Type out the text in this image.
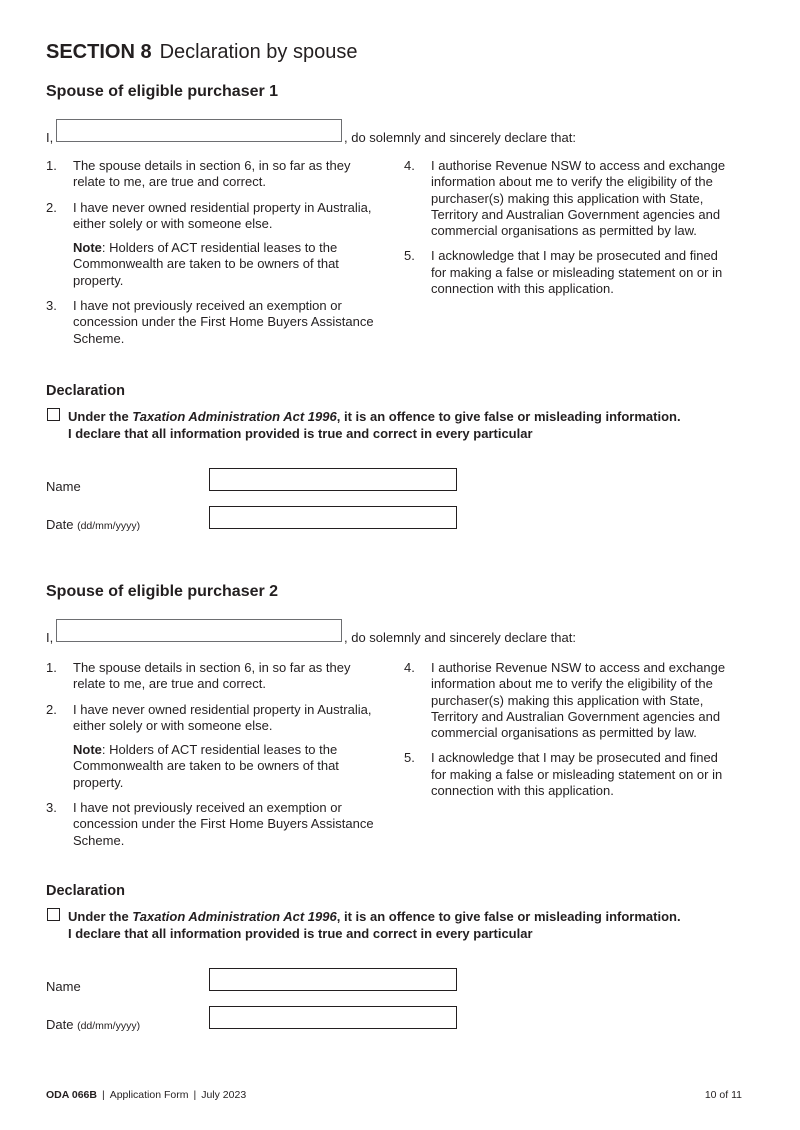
SECTION 8 Declaration by spouse
Spouse of eligible purchaser 1
I,	, do solemnly and sincerely declare that:
1. The spouse details in section 6, in so far as they relate to me, are true and correct.
2. I have never owned residential property in Australia, either solely or with someone else.
Note: Holders of ACT residential leases to the Commonwealth are taken to be owners of that property.
3. I have not previously received an exemption or concession under the First Home Buyers Assistance Scheme.
4. I authorise Revenue NSW to access and exchange information about me to verify the eligibility of the purchaser(s) making this application with State, Territory and Australian Government agencies and commercial organisations as permitted by law.
5. I acknowledge that I may be prosecuted and fined for making a false or misleading statement on or in connection with this application.
Declaration
Under the Taxation Administration Act 1996, it is an offence to give false or misleading information.
I declare that all information provided is true and correct in every particular
Name
Date (dd/mm/yyyy)
Spouse of eligible purchaser 2
I,	, do solemnly and sincerely declare that:
1. The spouse details in section 6, in so far as they relate to me, are true and correct.
2. I have never owned residential property in Australia, either solely or with someone else.
Note: Holders of ACT residential leases to the Commonwealth are taken to be owners of that property.
3. I have not previously received an exemption or concession under the First Home Buyers Assistance Scheme.
4. I authorise Revenue NSW to access and exchange information about me to verify the eligibility of the purchaser(s) making this application with State, Territory and Australian Government agencies and commercial organisations as permitted by law.
5. I acknowledge that I may be prosecuted and fined for making a false or misleading statement on or in connection with this application.
Declaration
Under the Taxation Administration Act 1996, it is an offence to give false or misleading information.
I declare that all information provided is true and correct in every particular
Name
Date (dd/mm/yyyy)
ODA 066B | Application Form | July 2023	10 of 11
